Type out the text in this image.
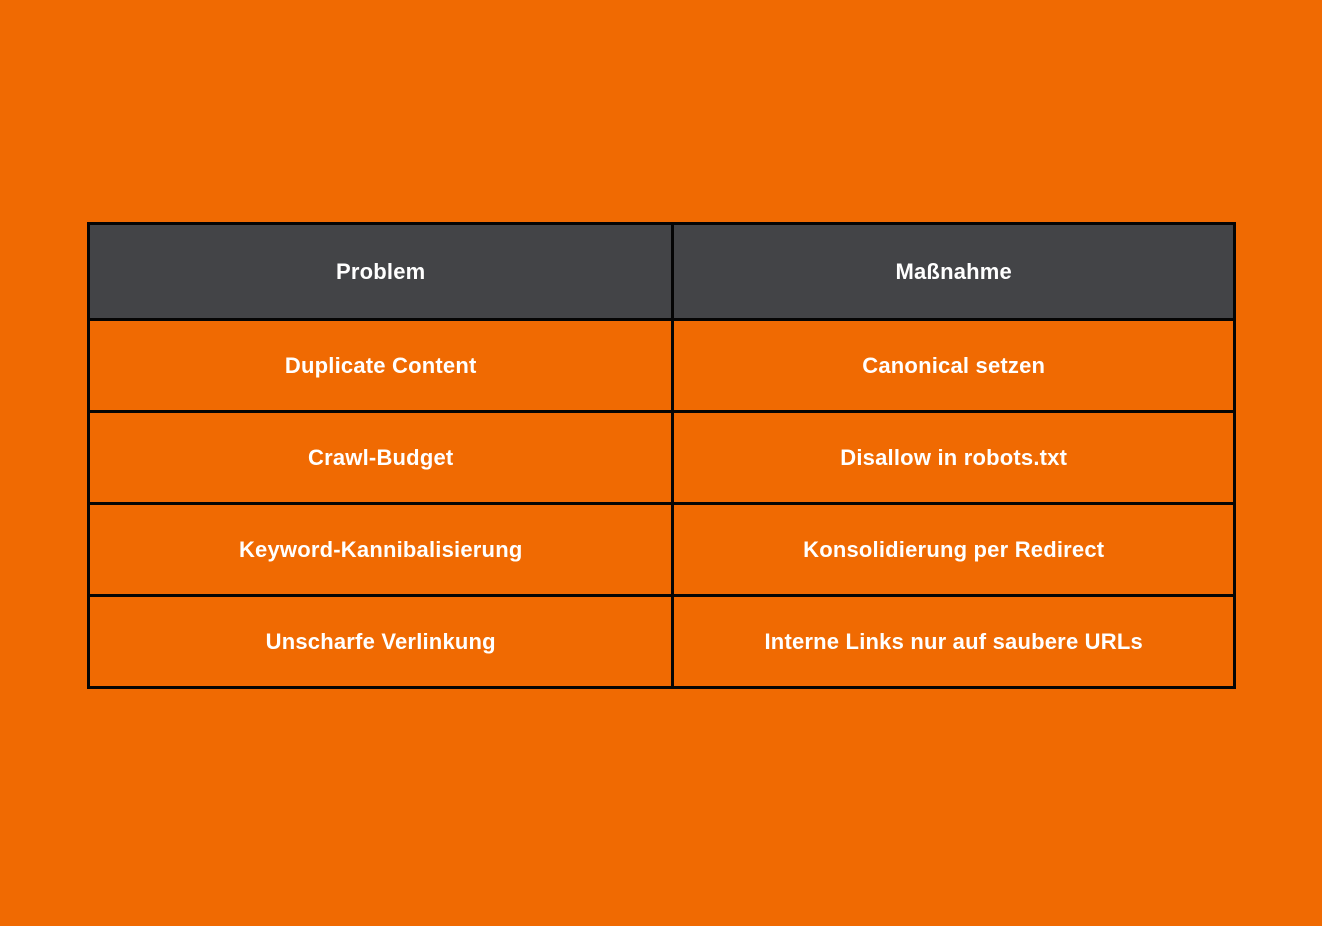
Problem	Maßnahme
Duplicate Content	Canonical setzen
Crawl-Budget	Disallow in robots.txt
Keyword-Kannibalisierung	Konsolidierung per Redirect
Unscharfe Verlinkung	Interne Links nur auf saubere URLs
